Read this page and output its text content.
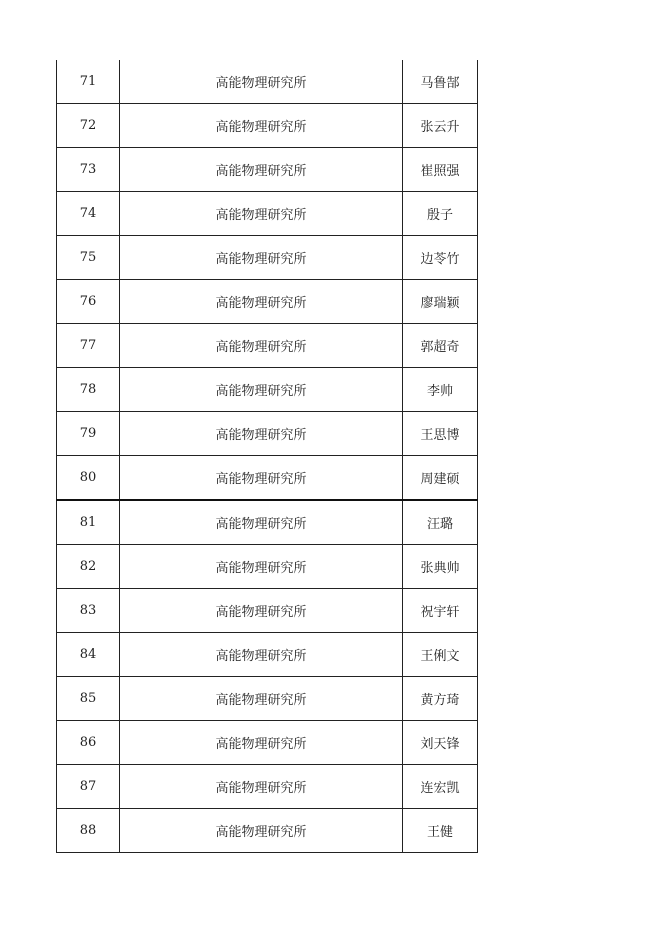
71	高能物理研究所	马鲁郜
72	高能物理研究所	张云升
73	高能物理研究所	崔照强
74	高能物理研究所	殷子
75	高能物理研究所	边苓竹
76	高能物理研究所	廖瑞颖
77	高能物理研究所	郭超奇
78	高能物理研究所	李帅
79	高能物理研究所	王思博
80	高能物理研究所	周建硕
81	高能物理研究所	汪璐
82	高能物理研究所	张典帅
83	高能物理研究所	祝宇轩
84	高能物理研究所	王俐文
85	高能物理研究所	黄方琦
86	高能物理研究所	刘天锋
87	高能物理研究所	连宏凯
88	高能物理研究所	王健
